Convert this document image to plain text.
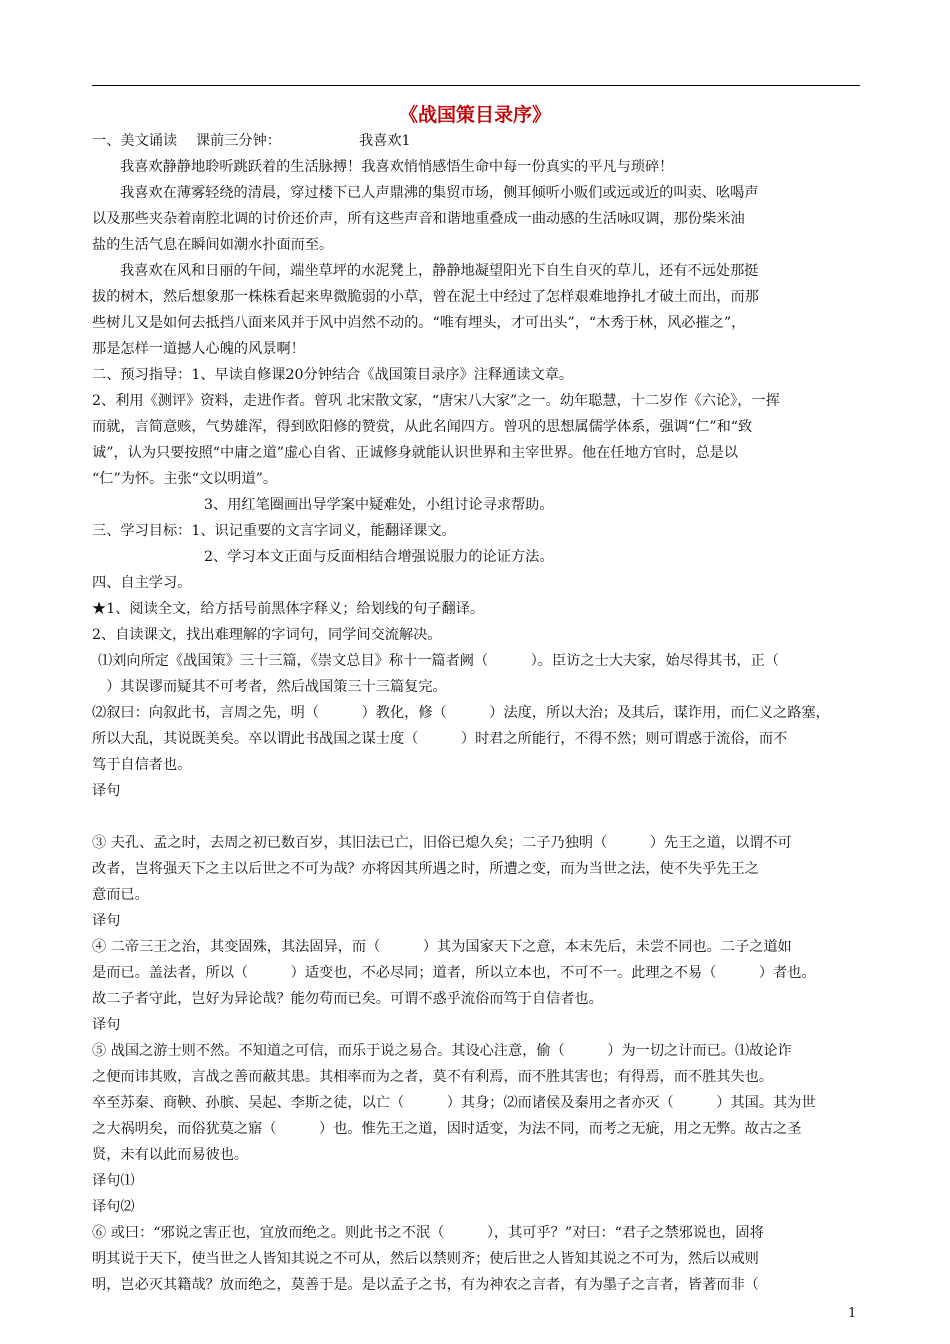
《战国策目录序》
一、美文诵读　 课前三分钟：　　　　　　我喜欢1
我喜欢静静地聆听跳跃着的生活脉搏！我喜欢悄悄感悟生命中每一份真实的平凡与琐碎！
我喜欢在薄雾轻绕的清晨，穿过楼下已人声鼎沸的集贸市场，侧耳倾听小贩们或远或近的叫卖、吆喝声
以及那些夹杂着南腔北调的讨价还价声，所有这些声音和谐地重叠成一曲动感的生活咏叹调，那份柴米油
盐的生活气息在瞬间如潮水扑面而至。
我喜欢在风和日丽的午间，端坐草坪的水泥凳上，静静地凝望阳光下自生自灭的草儿，还有不远处那挺
拔的树木，然后想象那一株株看起来卑微脆弱的小草，曾在泥土中经过了怎样艰难地挣扎才破土而出，而那
些树儿又是如何去抵挡八面来风并于风中岿然不动的。“唯有埋头，才可出头”，“木秀于林，风必摧之”，
那是怎样一道撼人心魄的风景啊！
二、预习指导：1、早读自修课20分钟结合《战国策目录序》注释通读文章。
2、利用《测评》资料，走进作者。曾巩 北宋散文家，“唐宋八大家”之一。幼年聪慧，十二岁作《六论》，一挥
而就，言简意赅，气势雄浑，得到欧阳修的赞赏，从此名闻四方。曾巩的思想属儒学体系，强调“仁”和“致
诚”，认为只要按照“中庸之道”虚心自省、正诚修身就能认识世界和主宰世界。他在任地方官时，总是以
“仁”为怀。主张“文以明道”。
3、用红笔圈画出导学案中疑难处，小组讨论寻求帮助。
三、学习目标：1、识记重要的文言字词义，能翻译课文。
2、学习本文正面与反面相结合增强说服力的论证方法。
四、自主学习。
★1、阅读全文，给方括号前黑体字释义；给划线的句子翻译。
2、自读课文，找出难理解的字词句，同学间交流解决。
⑴刘向所定《战国策》三十三篇，《崇文总目》称十一篇者阙（　　　）。臣访之士大夫家，始尽得其书，正（
　）其误谬而疑其不可考者，然后战国策三十三篇复完。
⑵叙曰：向叙此书，言周之先，明（　　　）教化，修（　　　）法度，所以大治；及其后，谋诈用，而仁义之路塞，
所以大乱，其说既美矣。卒以谓此书战国之谋士度（　　　）时君之所能行，不得不然；则可谓惑于流俗，而不
笃于自信者也。
译句
③ 夫孔、孟之时，去周之初已数百岁，其旧法已亡，旧俗已熄久矣；二子乃独明（　　　）先王之道，以谓不可
改者，岂将强天下之主以后世之不可为哉？亦将因其所遇之时，所遭之变，而为当世之法，使不失乎先王之
意而已。
译句
④ 二帝三王之治，其变固殊，其法固异，而（　　　）其为国家天下之意，本末先后，未尝不同也。二子之道如
是而已。盖法者，所以（　　　）适变也，不必尽同；道者，所以立本也，不可不一。此理之不易（　　　）者也。
故二子者守此，岂好为异论哉？能勿苟而已矣。可谓不惑乎流俗而笃于自信者也。
译句
⑤ 战国之游士则不然。不知道之可信，而乐于说之易合。其设心注意，偷（　　　）为一切之计而已。⑴故论诈
之便而讳其败，言战之善而蔽其患。其相率而为之者，莫不有利焉，而不胜其害也；有得焉，而不胜其失也。
卒至苏秦、商鞅、孙膑、吴起、李斯之徒，以亡（　　　）其身；⑵而诸侯及秦用之者亦灭（　　　）其国。其为世
之大祸明矣，而俗犹莫之寤（　　　）也。惟先王之道，因时适变，为法不同，而考之无疵，用之无弊。故古之圣
贤，未有以此而易彼也。
译句⑴
译句⑵
⑥ 或曰：“邪说之害正也，宜放而绝之。则此书之不泯（　　　），其可乎？”对曰：“君子之禁邪说也，固将
明其说于天下，使当世之人皆知其说之不可从，然后以禁则齐；使后世之人皆知其说之不可为，然后以戒则
明，岂必灭其籍哉？放而绝之，莫善于是。是以孟子之书，有为神农之言者，有为墨子之言者，皆著而非（
1
